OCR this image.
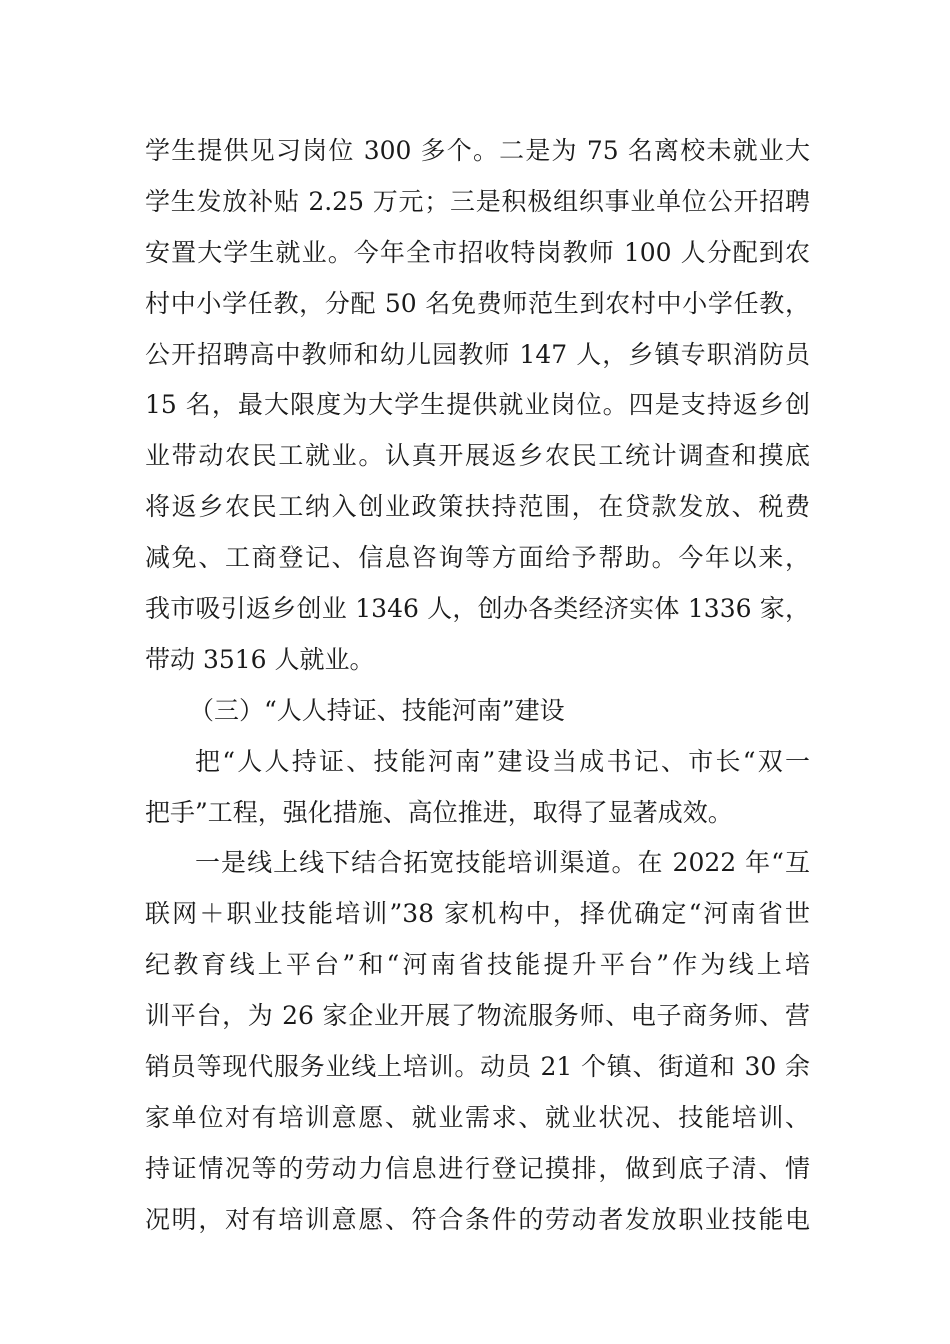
学生提供见习岗位 300 多个。二是为 75 名离校未就业大
学生发放补贴 2.25 万元；三是积极组织事业单位公开招聘
安置大学生就业。今年全市招收特岗教师 100 人分配到农
村中小学任教，分配 50 名免费师范生到农村中小学任教，
公开招聘高中教师和幼儿园教师 147 人，乡镇专职消防员
15 名，最大限度为大学生提供就业岗位。四是支持返乡创
业带动农民工就业。认真开展返乡农民工统计调查和摸底
将返乡农民工纳入创业政策扶持范围，在贷款发放、税费
减免、工商登记、信息咨询等方面给予帮助。今年以来，
我市吸引返乡创业 1346 人，创办各类经济实体 1336 家，
带动 3516 人就业。
（三）“人人持证、技能河南”建设
把“人人持证、技能河南”建设当成书记、市长“双一
把手”工程，强化措施、高位推进，取得了显著成效。
一是线上线下结合拓宽技能培训渠道。在 2022 年“互
联网＋职业技能培训”38 家机构中，择优确定“河南省世
纪教育线上平台”和“河南省技能提升平台”作为线上培
训平台，为 26 家企业开展了物流服务师、电子商务师、营
销员等现代服务业线上培训。动员 21 个镇、街道和 30 余
家单位对有培训意愿、就业需求、就业状况、技能培训、
持证情况等的劳动力信息进行登记摸排，做到底子清、情
况明，对有培训意愿、符合条件的劳动者发放职业技能电
